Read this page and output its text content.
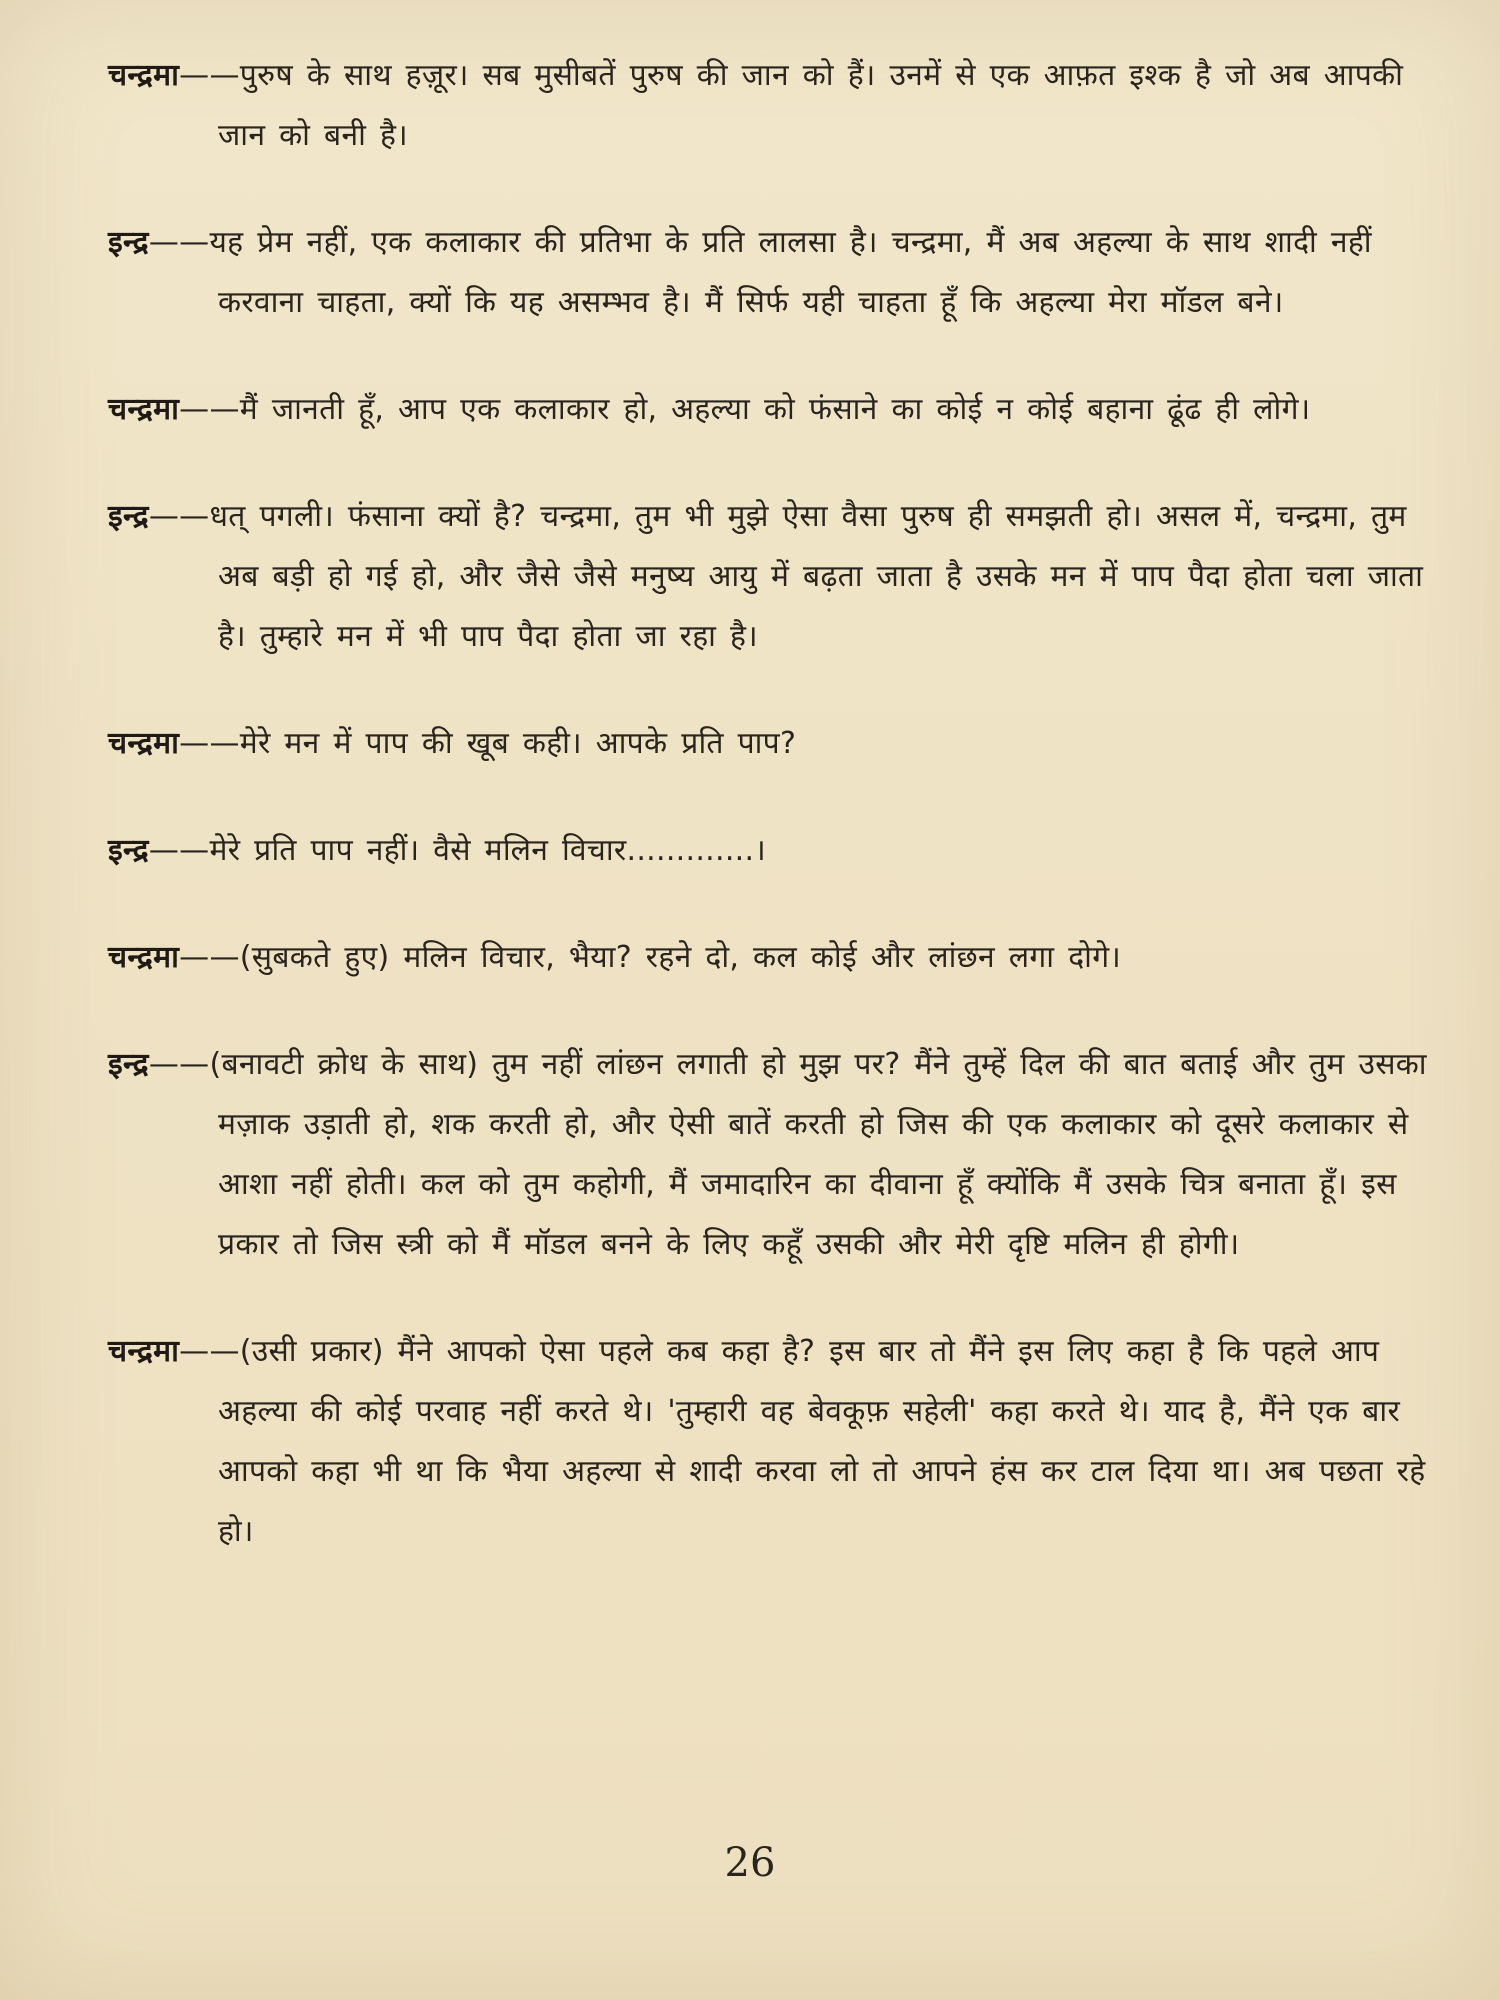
चन्द्रमा——पुरुष के साथ हज़ूर। सब मुसीबतें पुरुष की जान को हैं। उनमें से एक आफ़त इश्क है जो अब आपकी जान को बनी है।

इन्द्र——यह प्रेम नहीं, एक कलाकार की प्रतिभा के प्रति लालसा है। चन्द्रमा, मैं अब अहल्या के साथ शादी नहीं करवाना चाहता, क्यों कि यह असम्भव है। मैं सिर्फ यही चाहता हूँ कि अहल्या मेरा मॉडल बने।

चन्द्रमा——मैं जानती हूँ, आप एक कलाकार हो, अहल्या को फंसाने का कोई न कोई बहाना ढूंढ ही लोगे।

इन्द्र——धत् पगली। फंसाना क्यों है? चन्द्रमा, तुम भी मुझे ऐसा वैसा पुरुष ही समझती हो। असल में, चन्द्रमा, तुम अब बड़ी हो गई हो, और जैसे जैसे मनुष्य आयु में बढ़ता जाता है उसके मन में पाप पैदा होता चला जाता है। तुम्हारे मन में भी पाप पैदा होता जा रहा है।

चन्द्रमा——मेरे मन में पाप की खूब कही। आपके प्रति पाप?

इन्द्र——मेरे प्रति पाप नहीं। वैसे मलिन विचार.............।

चन्द्रमा——(सुबकते हुए) मलिन विचार, भैया? रहने दो, कल कोई और लांछन लगा दोगे।

इन्द्र——(बनावटी क्रोध के साथ) तुम नहीं लांछन लगाती हो मुझ पर? मैंने तुम्हें दिल की बात बताई और तुम उसका मज़ाक उड़ाती हो, शक करती हो, और ऐसी बातें करती हो जिस की एक कलाकार को दूसरे कलाकार से आशा नहीं होती। कल को तुम कहोगी, मैं जमादारिन का दीवाना हूँ क्योंकि मैं उसके चित्र बनाता हूँ। इस प्रकार तो जिस स्त्री को मैं मॉडल बनने के लिए कहूँ उसकी और मेरी दृष्टि मलिन ही होगी।

चन्द्रमा——(उसी प्रकार) मैंने आपको ऐसा पहले कब कहा है? इस बार तो मैंने इस लिए कहा है कि पहले आप अहल्या की कोई परवाह नहीं करते थे। 'तुम्हारी वह बेवकूफ़ सहेली' कहा करते थे। याद है, मैंने एक बार आपको कहा भी था कि भैया अहल्या से शादी करवा लो तो आपने हंस कर टाल दिया था। अब पछता रहे हो।

26
